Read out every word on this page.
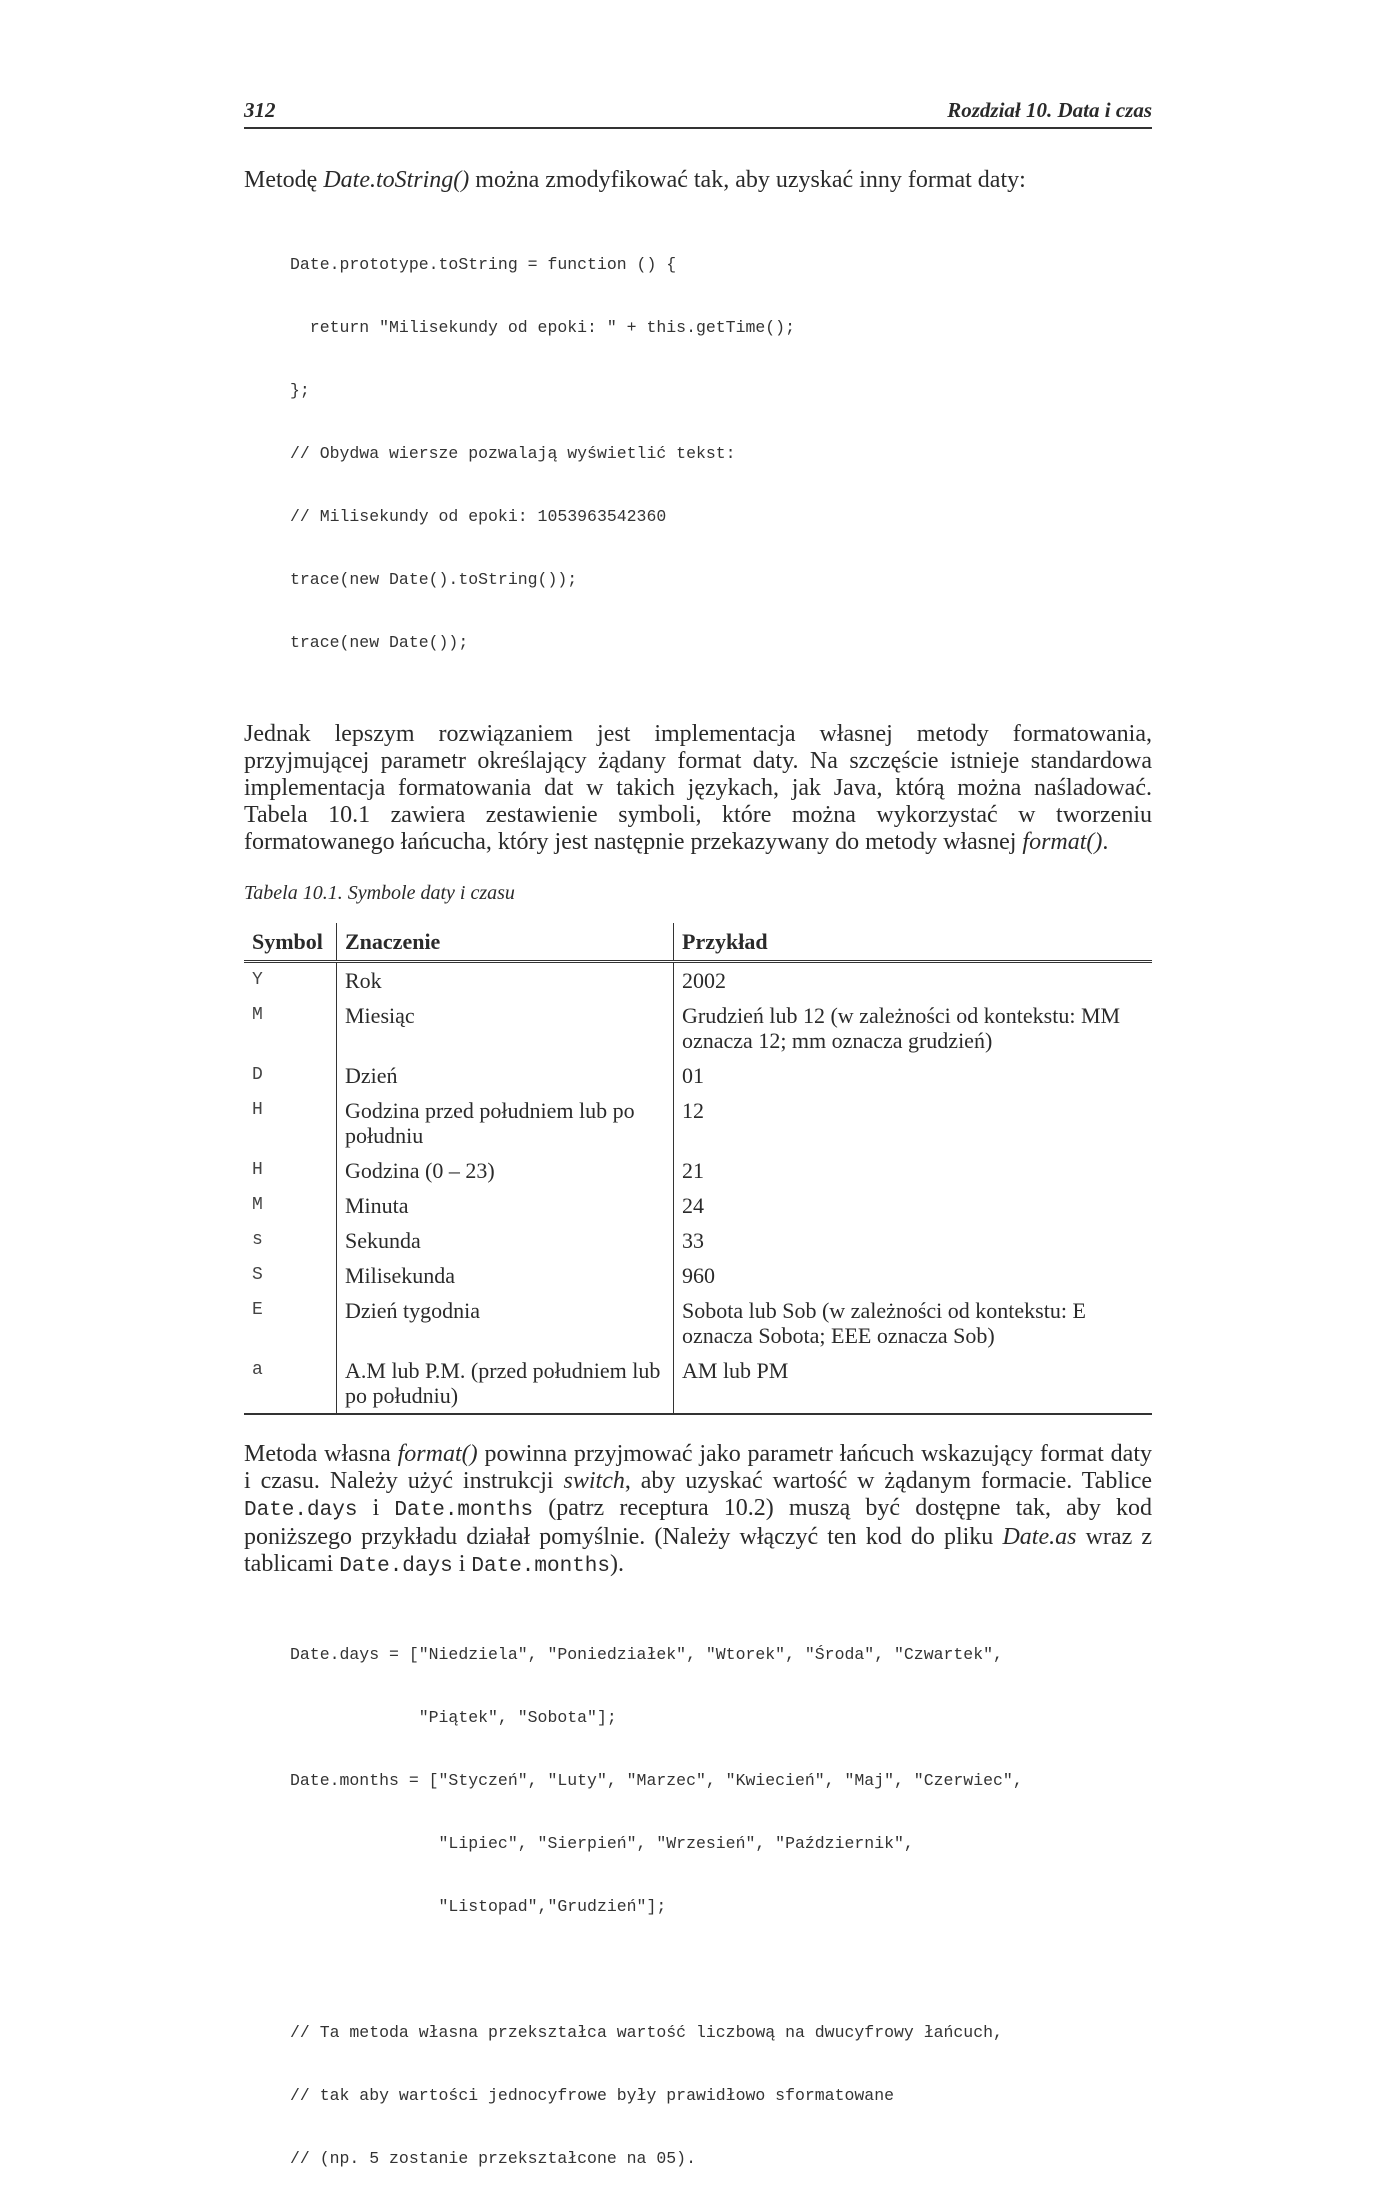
312	Rozdział 10. Data i czas

Metodę Date.toString() można zmodyfikować tak, aby uzyskać inny format daty:

Date.prototype.toString = function () {

return "Milisekundy od epoki: " + this.getTime();

};

// Obydwa wiersze pozwalają wyświetlić tekst:

// Milisekundy od epoki: 1053963542360

trace(new Date().toString());

trace(new Date());

Jednak lepszym rozwiązaniem jest implementacja własnej metody formatowania, przyjmującej parametr określający żądany format daty. Na szczęście istnieje standardowa implementacja formatowania dat w takich językach, jak Java, którą można naśladować. Tabela 10.1 zawiera zestawienie symboli, które można wykorzystać w tworzeniu formatowanego łańcucha, który jest następnie przekazywany do metody własnej format().

Tabela 10.1. Symbole daty i czasu

Symbol	Znaczenie	Przykład
Y	Rok	2002
M	Miesiąc	Grudzień lub 12 (w zależności od kontekstu: MM oznacza 12; mm oznacza grudzień)
D	Dzień	01
H	Godzina przed południem lub po południu	12
H	Godzina (0 – 23)	21
M	Minuta	24
s	Sekunda	33
S	Milisekunda	960
E	Dzień tygodnia	Sobota lub Sob (w zależności od kontekstu: E oznacza Sobota; EEE oznacza Sob)
a	A.M lub P.M. (przed południem lub po południu)	AM lub PM

Metoda własna format() powinna przyjmować jako parametr łańcuch wskazujący format daty i czasu. Należy użyć instrukcji switch, aby uzyskać wartość w żądanym formacie. Tablice Date.days i Date.months (patrz receptura 10.2) muszą być dostępne tak, aby kod poniższego przykładu działał pomyślnie. (Należy włączyć ten kod do pliku Date.as wraz z tablicami Date.days i Date.months).

Date.days = ["Niedziela", "Poniedziałek", "Wtorek", "Środa", "Czwartek",

"Piątek", "Sobota"];

Date.months = ["Styczeń", "Luty", "Marzec", "Kwiecień", "Maj", "Czerwiec",

"Lipiec", "Sierpień", "Wrzesień", "Październik",

"Listopad","Grudzień"];

// Ta metoda własna przekształca wartość liczbową na dwucyfrowy łańcuch,

// tak aby wartości jednocyfrowe były prawidłowo sformatowane

// (np. 5 zostanie przekształcone na 05).
